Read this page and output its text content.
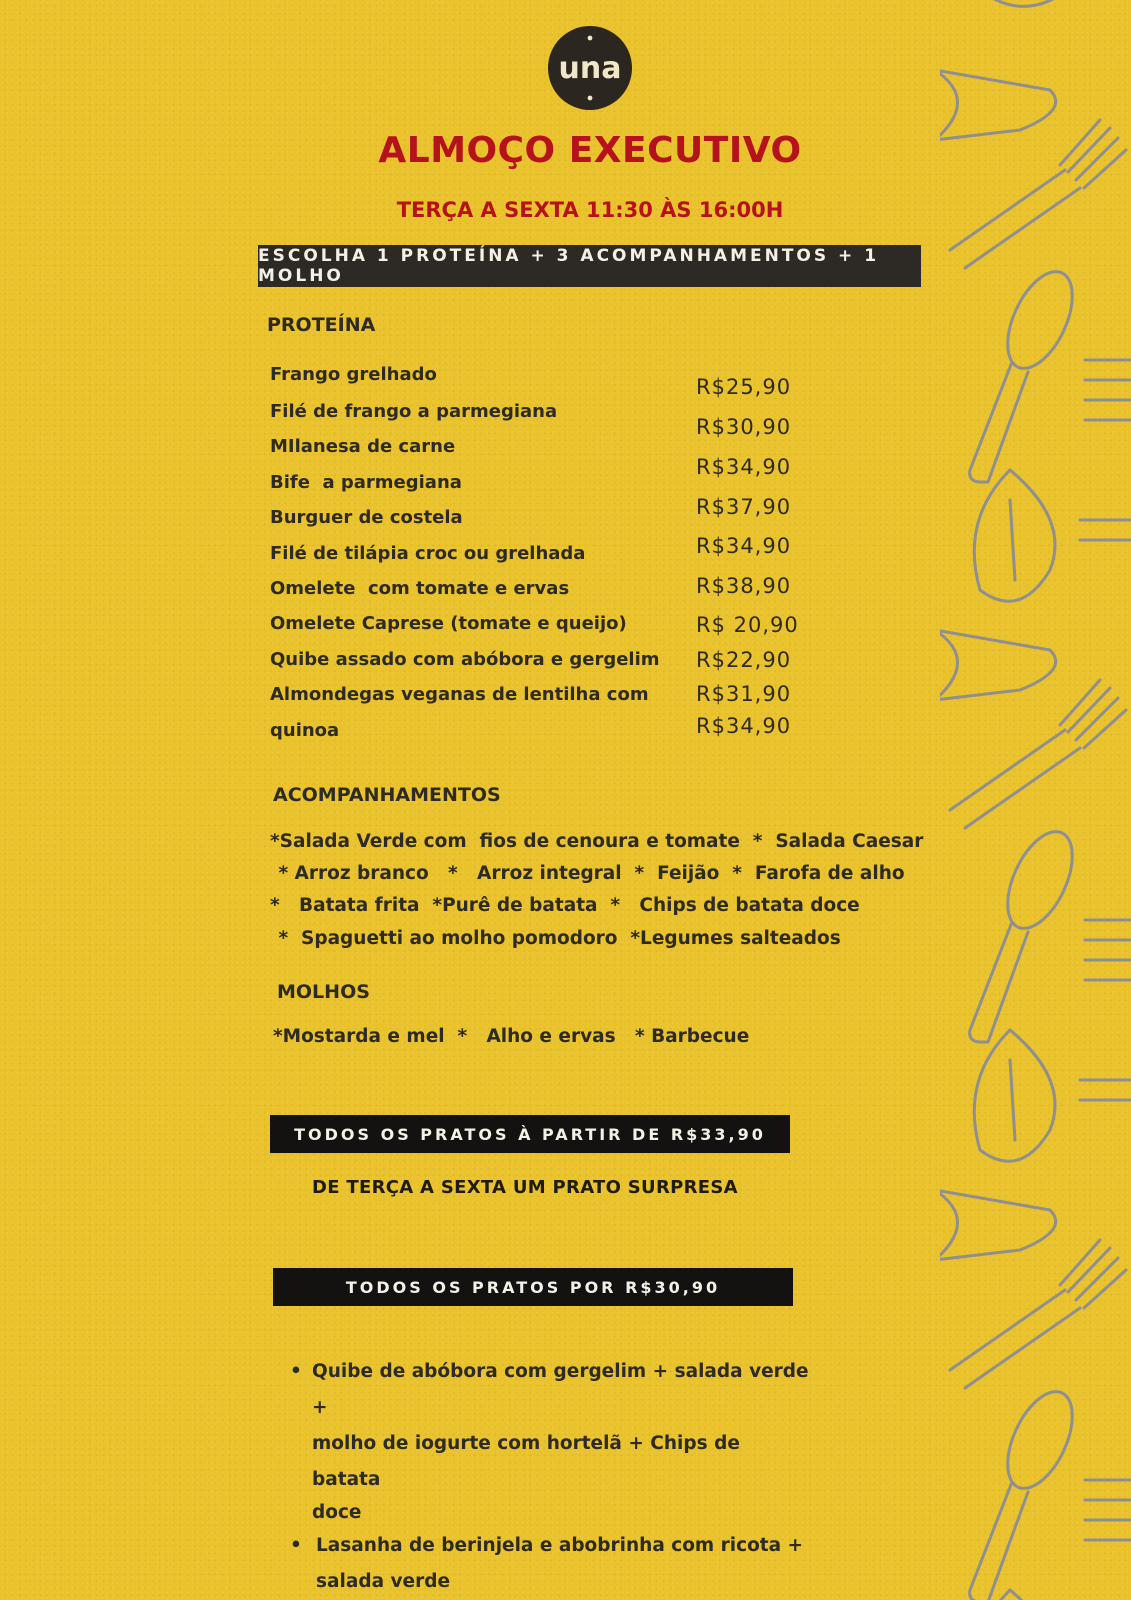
una
ALMOÇO EXECUTIVO
TERÇA A SEXTA 11:30 ÀS 16:00H
ESCOLHA 1 PROTEÍNA + 3 ACOMPANHAMENTOS + 1 MOLHO
PROTEÍNA
Frango grelhado
Filé de frango a parmegiana
MIlanesa de carne
Bife  a parmegiana
Burguer de costela
Filé de tilápia croc ou grelhada
Omelete  com tomate e ervas
Omelete Caprese (tomate e queijo)
Quibe assado com abóbora e gergelim
Almondegas veganas de lentilha com
quinoa
R$25,90
R$30,90
R$34,90
R$37,90
R$34,90
R$38,90
R$ 20,90
R$22,90
R$31,90
R$34,90
ACOMPANHAMENTOS
*Salada Verde com  fios de cenoura e tomate  *  Salada Caesar
* Arroz branco   *   Arroz integral  *  Feijão  *  Farofa de alho
*   Batata frita  *Purê de batata  *   Chips de batata doce
*  Spaguetti ao molho pomodoro  *Legumes salteados
MOLHOS
*Mostarda e mel  *   Alho e ervas   * Barbecue
TODOS OS PRATOS À PARTIR DE R$33,90
DE TERÇA A SEXTA UM PRATO SURPRESA
TODOS OS PRATOS POR R$30,90
• Quibe de abóbora com gergelim + salada verde +
molho de iogurte com hortelã + Chips de batata
doce
• Lasanha de berinjela e abobrinha com ricota +
salada verde
